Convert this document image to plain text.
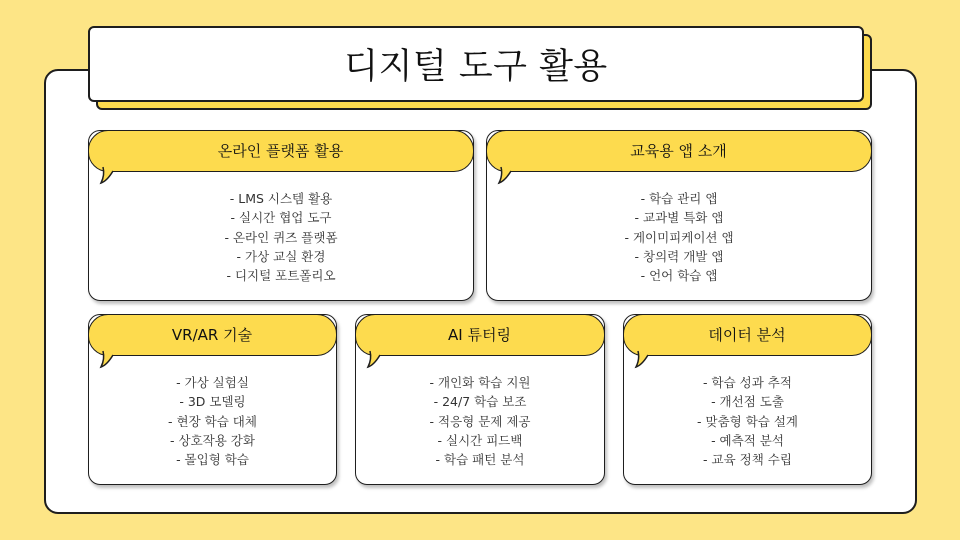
디지털 도구 활용
온라인 플랫폼 활용
- LMS 시스템 활용
- 실시간 협업 도구
- 온라인 퀴즈 플랫폼
- 가상 교실 환경
- 디지털 포트폴리오
교육용 앱 소개
- 학습 관리 앱
- 교과별 특화 앱
- 게이미피케이션 앱
- 창의력 개발 앱
- 언어 학습 앱
VR/AR 기술
- 가상 실험실
- 3D 모델링
- 현장 학습 대체
- 상호작용 강화
- 몰입형 학습
AI 튜터링
- 개인화 학습 지원
- 24/7 학습 보조
- 적응형 문제 제공
- 실시간 피드백
- 학습 패턴 분석
데이터 분석
- 학습 성과 추적
- 개선점 도출
- 맞춤형 학습 설계
- 예측적 분석
- 교육 정책 수립
